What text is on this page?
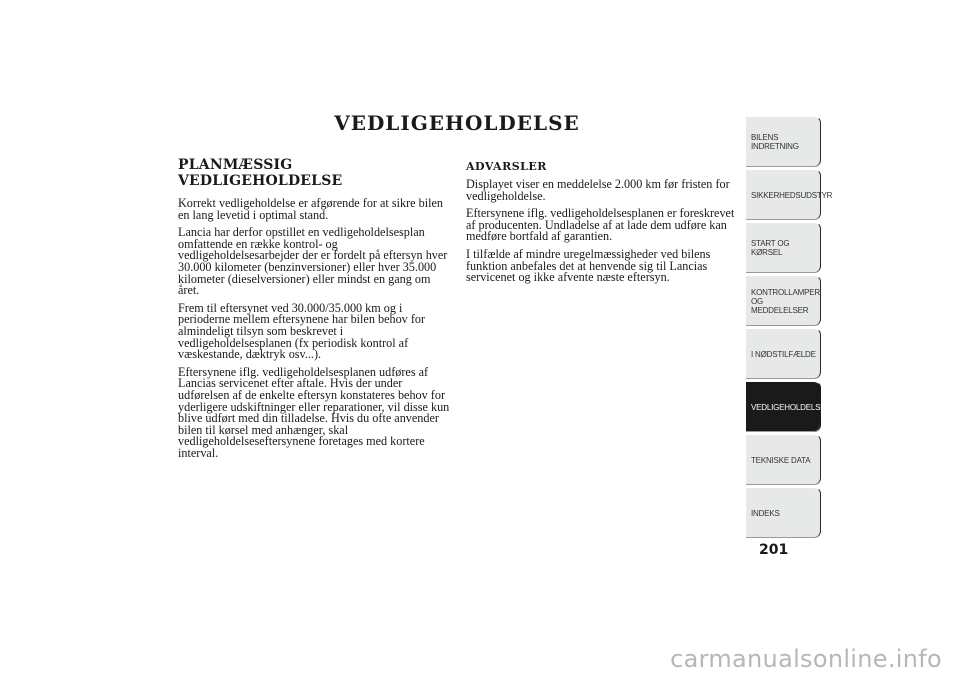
VEDLIGEHOLDELSE
PLANMÆSSIG VEDLIGEHOLDELSE

Korrekt vedligeholdelse er afgørende for at sikre bilen en lang levetid i optimal stand.

Lancia har derfor opstillet en vedligeholdelsesplan omfattende en række kontrol- og vedligeholdelsesarbejder der er fordelt på eftersyn hver 30.000 kilometer (benzinversioner) eller hver 35.000 kilometer (dieselversioner) eller mindst en gang om året.

Frem til eftersynet ved 30.000/35.000 km og i perioderne mellem eftersynene har bilen behov for almindeligt tilsyn som beskrevet i vedligeholdelsesplanen (fx periodisk kontrol af væskestande, dæktryk osv...).

Eftersynene iflg. vedligeholdelsesplanen udføres af Lancias servicenet efter aftale. Hvis der under udførelsen af de enkelte eftersyn konstateres behov for yderligere udskiftninger eller reparationer, vil disse kun blive udført med din tilladelse. Hvis du ofte anvender bilen til kørsel med anhænger, skal vedligeholdelseseftersynene foretages med kortere interval.

ADVARSLER

Displayet viser en meddelelse 2.000 km før fristen for vedligeholdelse.

Eftersynene iflg. vedligeholdelsesplanen er foreskrevet af producenten. Undladelse af at lade dem udføre kan medføre bortfald af garantien.

I tilfælde af mindre uregelmæssigheder ved bilens funktion anbefales det at henvende sig til Lancias servicenet og ikke afvente næste eftersyn.

BILENS
INDRETNING
SIKKERHEDSUDSTYR
START OG KØRSEL
KONTROLLAMPER
OG MEDDELELSER
I NØDSTILFÆLDE
VEDLIGEHOLDELSE
TEKNISKE DATA
INDEKS
201
carmanualsonline.info
